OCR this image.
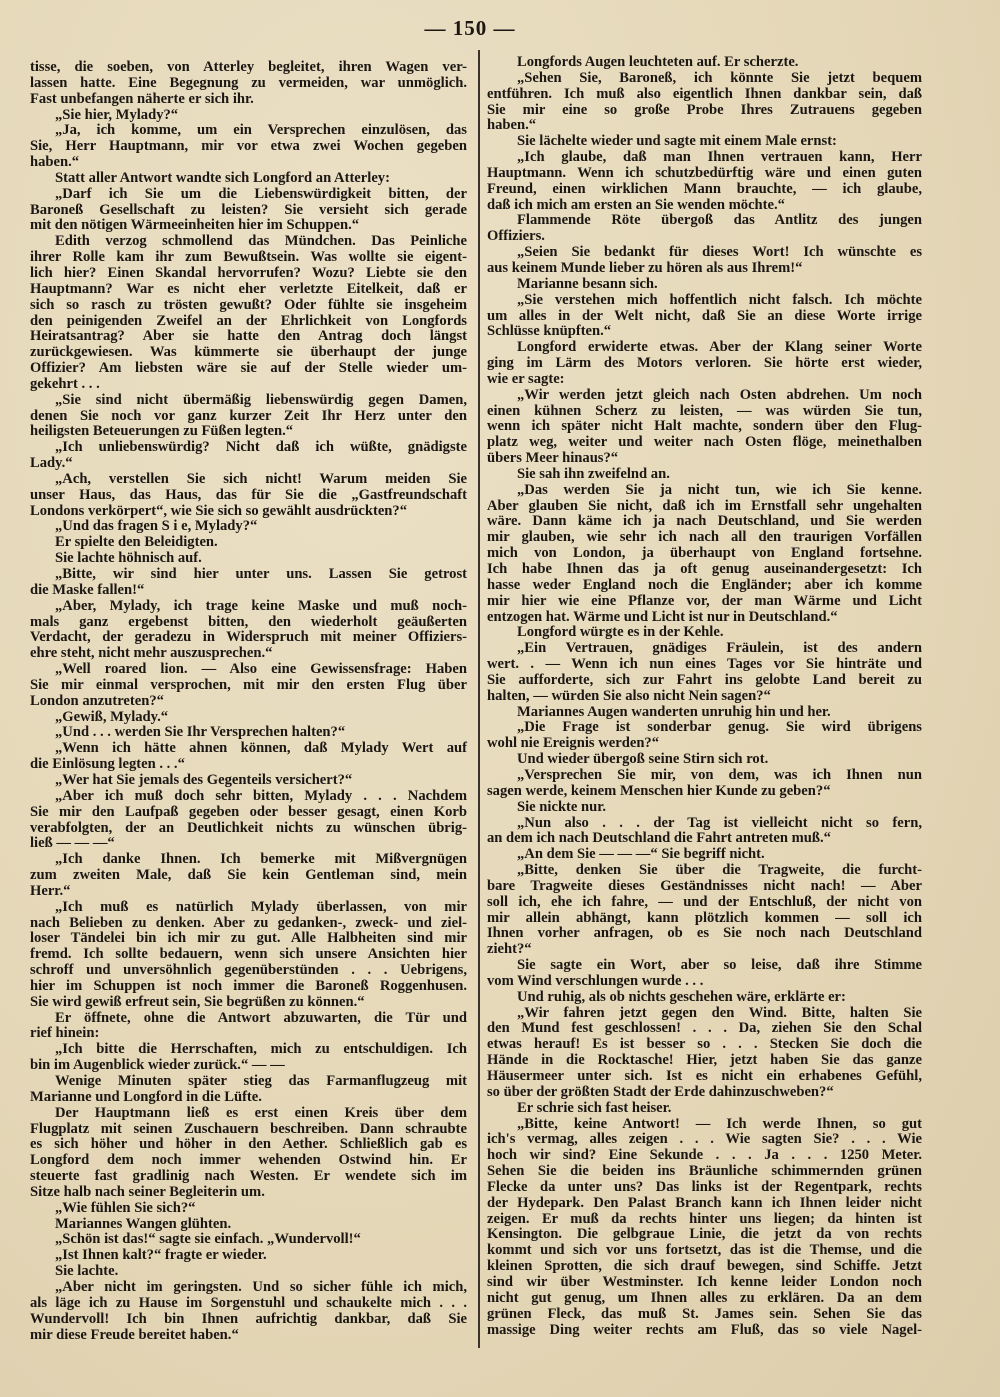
— 150 —
tisse, die soeben, von Atterley begleitet, ihren Wagen ver-
lassen hatte. Eine Begegnung zu vermeiden, war unmöglich.
Fast unbefangen näherte er sich ihr.
„Sie hier, Mylady?“
„Ja, ich komme, um ein Versprechen einzulösen, das
Sie, Herr Hauptmann, mir vor etwa zwei Wochen gegeben
haben.“
Statt aller Antwort wandte sich Longford an Atterley:
„Darf ich Sie um die Liebenswürdigkeit bitten, der
Baroneß Gesellschaft zu leisten? Sie versieht sich gerade
mit den nötigen Wärmeeinheiten hier im Schuppen.“
Edith verzog schmollend das Mündchen. Das Peinliche
ihrer Rolle kam ihr zum Bewußtsein. Was wollte sie eigent-
lich hier? Einen Skandal hervorrufen? Wozu? Liebte sie den
Hauptmann? War es nicht eher verletzte Eitelkeit, daß er
sich so rasch zu trösten gewußt? Oder fühlte sie insgeheim
den peinigenden Zweifel an der Ehrlichkeit von Longfords
Heiratsantrag? Aber sie hatte den Antrag doch längst
zurückgewiesen. Was kümmerte sie überhaupt der junge
Offizier? Am liebsten wäre sie auf der Stelle wieder um-
gekehrt . . .
„Sie sind nicht übermäßig liebenswürdig gegen Damen,
denen Sie noch vor ganz kurzer Zeit Ihr Herz unter den
heiligsten Beteuerungen zu Füßen legten.“
„Ich unliebenswürdig? Nicht daß ich wüßte, gnädigste
Lady.“
„Ach, verstellen Sie sich nicht! Warum meiden Sie
unser Haus, das Haus, das für Sie die „Gastfreundschaft
Londons verkörpert“, wie Sie sich so gewählt ausdrückten?“
„Und das fragen S i e, Mylady?“
Er spielte den Beleidigten.
Sie lachte höhnisch auf.
„Bitte, wir sind hier unter uns. Lassen Sie getrost
die Maske fallen!“
„Aber, Mylady, ich trage keine Maske und muß noch-
mals ganz ergebenst bitten, den wiederholt geäußerten
Verdacht, der geradezu in Widerspruch mit meiner Offiziers-
ehre steht, nicht mehr auszusprechen.“
„Well roared lion. — Also eine Gewissensfrage: Haben
Sie mir einmal versprochen, mit mir den ersten Flug über
London anzutreten?“
„Gewiß, Mylady.“
„Und . . . werden Sie Ihr Versprechen halten?“
„Wenn ich hätte ahnen können, daß Mylady Wert auf
die Einlösung legten . . .“
„Wer hat Sie jemals des Gegenteils versichert?“
„Aber ich muß doch sehr bitten, Mylady . . . Nachdem
Sie mir den Laufpaß gegeben oder besser gesagt, einen Korb
verabfolgten, der an Deutlichkeit nichts zu wünschen übrig-
ließ — — —“
„Ich danke Ihnen. Ich bemerke mit Mißvergnügen
zum zweiten Male, daß Sie kein Gentleman sind, mein
Herr.“
„Ich muß es natürlich Mylady überlassen, von mir
nach Belieben zu denken. Aber zu gedanken-, zweck- und ziel-
loser Tändelei bin ich mir zu gut. Alle Halbheiten sind mir
fremd. Ich sollte bedauern, wenn sich unsere Ansichten hier
schroff und unversöhnlich gegenüberstünden . . . Uebrigens,
hier im Schuppen ist noch immer die Baroneß Roggenhusen.
Sie wird gewiß erfreut sein, Sie begrüßen zu können.“
Er öffnete, ohne die Antwort abzuwarten, die Tür und
rief hinein:
„Ich bitte die Herrschaften, mich zu entschuldigen. Ich
bin im Augenblick wieder zurück.“ — —
Wenige Minuten später stieg das Farmanflugzeug mit
Marianne und Longford in die Lüfte.
Der Hauptmann ließ es erst einen Kreis über dem
Flugplatz mit seinen Zuschauern beschreiben. Dann schraubte
es sich höher und höher in den Aether. Schließlich gab es
Longford dem noch immer wehenden Ostwind hin. Er
steuerte fast gradlinig nach Westen. Er wendete sich im
Sitze halb nach seiner Begleiterin um.
„Wie fühlen Sie sich?“
Mariannes Wangen glühten.
„Schön ist das!“ sagte sie einfach. „Wundervoll!“
„Ist Ihnen kalt?“ fragte er wieder.
Sie lachte.
„Aber nicht im geringsten. Und so sicher fühle ich mich,
als läge ich zu Hause im Sorgenstuhl und schaukelte mich . . .
Wundervoll! Ich bin Ihnen aufrichtig dankbar, daß Sie
mir diese Freude bereitet haben.“
Longfords Augen leuchteten auf. Er scherzte.
„Sehen Sie, Baroneß, ich könnte Sie jetzt bequem
entführen. Ich muß also eigentlich Ihnen dankbar sein, daß
Sie mir eine so große Probe Ihres Zutrauens gegeben
haben.“
Sie lächelte wieder und sagte mit einem Male ernst:
„Ich glaube, daß man Ihnen vertrauen kann, Herr
Hauptmann. Wenn ich schutzbedürftig wäre und einen guten
Freund, einen wirklichen Mann brauchte, — ich glaube,
daß ich mich am ersten an Sie wenden möchte.“
Flammende Röte übergoß das Antlitz des jungen
Offiziers.
„Seien Sie bedankt für dieses Wort! Ich wünschte es
aus keinem Munde lieber zu hören als aus Ihrem!“
Marianne besann sich.
„Sie verstehen mich hoffentlich nicht falsch. Ich möchte
um alles in der Welt nicht, daß Sie an diese Worte irrige
Schlüsse knüpften.“
Longford erwiderte etwas. Aber der Klang seiner Worte
ging im Lärm des Motors verloren. Sie hörte erst wieder,
wie er sagte:
„Wir werden jetzt gleich nach Osten abdrehen. Um noch
einen kühnen Scherz zu leisten, — was würden Sie tun,
wenn ich später nicht Halt machte, sondern über den Flug-
platz weg, weiter und weiter nach Osten flöge, meinethalben
übers Meer hinaus?“
Sie sah ihn zweifelnd an.
„Das werden Sie ja nicht tun, wie ich Sie kenne.
Aber glauben Sie nicht, daß ich im Ernstfall sehr ungehalten
wäre. Dann käme ich ja nach Deutschland, und Sie werden
mir glauben, wie sehr ich nach all den traurigen Vorfällen
mich von London, ja überhaupt von England fortsehne.
Ich habe Ihnen das ja oft genug auseinandergesetzt: Ich
hasse weder England noch die Engländer; aber ich komme
mir hier wie eine Pflanze vor, der man Wärme und Licht
entzogen hat. Wärme und Licht ist nur in Deutschland.“
Longford würgte es in der Kehle.
„Ein Vertrauen, gnädiges Fräulein, ist des andern
wert. . — Wenn ich nun eines Tages vor Sie hinträte und
Sie aufforderte, sich zur Fahrt ins gelobte Land bereit zu
halten, — würden Sie also nicht Nein sagen?“
Mariannes Augen wanderten unruhig hin und her.
„Die Frage ist sonderbar genug. Sie wird übrigens
wohl nie Ereignis werden?“
Und wieder übergoß seine Stirn sich rot.
„Versprechen Sie mir, von dem, was ich Ihnen nun
sagen werde, keinem Menschen hier Kunde zu geben?“
Sie nickte nur.
„Nun also . . . der Tag ist vielleicht nicht so fern,
an dem ich nach Deutschland die Fahrt antreten muß.“
„An dem Sie — — —“ Sie begriff nicht.
„Bitte, denken Sie über die Tragweite, die furcht-
bare Tragweite dieses Geständnisses nicht nach! — Aber
soll ich, ehe ich fahre, — und der Entschluß, der nicht von
mir allein abhängt, kann plötzlich kommen — soll ich
Ihnen vorher anfragen, ob es Sie noch nach Deutschland
zieht?“
Sie sagte ein Wort, aber so leise, daß ihre Stimme
vom Wind verschlungen wurde . . .
Und ruhig, als ob nichts geschehen wäre, erklärte er:
„Wir fahren jetzt gegen den Wind. Bitte, halten Sie
den Mund fest geschlossen! . . . Da, ziehen Sie den Schal
etwas herauf! Es ist besser so . . . Stecken Sie doch die
Hände in die Rocktasche! Hier, jetzt haben Sie das ganze
Häusermeer unter sich. Ist es nicht ein erhabenes Gefühl,
so über der größten Stadt der Erde dahinzuschweben?“
Er schrie sich fast heiser.
„Bitte, keine Antwort! — Ich werde Ihnen, so gut
ich's vermag, alles zeigen . . . Wie sagten Sie? . . . Wie
hoch wir sind? Eine Sekunde . . . Ja . . . 1250 Meter.
Sehen Sie die beiden ins Bräunliche schimmernden grünen
Flecke da unter uns? Das links ist der Regentpark, rechts
der Hydepark. Den Palast Branch kann ich Ihnen leider nicht
zeigen. Er muß da rechts hinter uns liegen; da hinten ist
Kensington. Die gelbgraue Linie, die jetzt da von rechts
kommt und sich vor uns fortsetzt, das ist die Themse, und die
kleinen Sprotten, die sich drauf bewegen, sind Schiffe. Jetzt
sind wir über Westminster. Ich kenne leider London noch
nicht gut genug, um Ihnen alles zu erklären. Da an dem
grünen Fleck, das muß St. James sein. Sehen Sie das
massige Ding weiter rechts am Fluß, das so viele Nagel-
